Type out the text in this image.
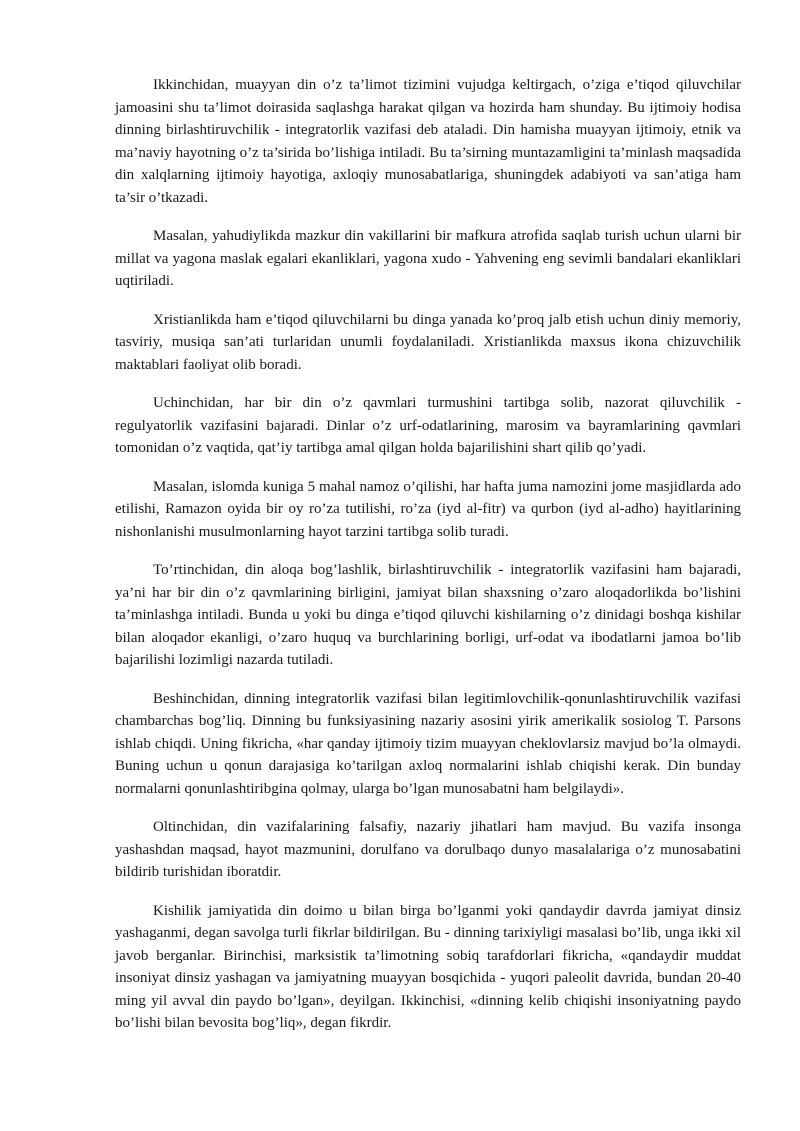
Ikkinchidan, muayyan din o’z ta’limot tizimini vujudga keltirgach, o’ziga e’tiqod qiluvchilar jamoasini shu ta’limot doirasida saqlashga harakat qilgan va hozirda ham shunday. Bu ijtimoiy hodisa dinning birlashtiruvchilik - integratorlik vazifasi deb ataladi. Din hamisha muayyan ijtimoiy, etnik va ma’naviy hayotning o’z ta’sirida bo’lishiga intiladi. Bu ta’sirning muntazamligini ta’minlash maqsadida din xalqlarning ijtimoiy hayotiga, axloqiy munosabatlariga, shuningdek adabiyoti va san’atiga ham ta’sir o’tkazadi.

Masalan, yahudiylikda mazkur din vakillarini bir mafkura atrofida saqlab turish uchun ularni bir millat va yagona maslak egalari ekanliklari, yagona xudo - Yahvening eng sevimli bandalari ekanliklari uqtiriladi.

Xristianlikda ham e’tiqod qiluvchilarni bu dinga yanada ko’proq jalb etish uchun diniy memoriy, tasviriy, musiqa san’ati turlaridan unumli foydalaniladi. Xristianlikda maxsus ikona chizuvchilik maktablari faoliyat olib boradi.

Uchinchidan, har bir din o’z qavmlari turmushini tartibga solib, nazorat qiluvchilik - regulyatorlik vazifasini bajaradi. Dinlar o’z urf-odatlarining, marosim va bayramlarining qavmlari tomonidan o’z vaqtida, qat’iy tartibga amal qilgan holda bajarilishini shart qilib qo’yadi.

Masalan, islomda kuniga 5 mahal namoz o’qilishi, har hafta juma namozini jome masjidlarda ado etilishi, Ramazon oyida bir oy ro’za tutilishi, ro’za (iyd al-fitr) va qurbon (iyd al-adho) hayitlarining nishonlanishi musulmonlarning hayot tarzini tartibga solib turadi.

To’rtinchidan, din aloqa bog’lashlik, birlashtiruvchilik - integratorlik vazifasini ham bajaradi, ya’ni har bir din o’z qavmlarining birligini, jamiyat bilan shaxsning o’zaro aloqadorlikda bo’lishini ta’minlashga intiladi. Bunda u yoki bu dinga e’tiqod qiluvchi kishilarning o’z dinidagi boshqa kishilar bilan aloqador ekanligi, o’zaro huquq va burchlarining borligi, urf-odat va ibodatlarni jamoa bo’lib bajarilishi lozimligi nazarda tutiladi.

Beshinchidan, dinning integratorlik vazifasi bilan legitimlovchilik-qonunlashtiruvchilik vazifasi chambarchas bog’liq. Dinning bu funksiyasining nazariy asosini yirik amerikalik sosiolog T. Parsons ishlab chiqdi. Uning fikricha, «har qanday ijtimoiy tizim muayyan cheklovlarsiz mavjud bo’la olmaydi. Buning uchun u qonun darajasiga ko’tarilgan axloq normalarini ishlab chiqishi kerak. Din bunday normalarni qonunlashtiribgina qolmay, ularga bo’lgan munosabatni ham belgilaydi».

Oltinchidan, din vazifalarining falsafiy, nazariy jihatlari ham mavjud. Bu vazifa insonga yashashdan maqsad, hayot mazmunini, dorulfano va dorulbaqo dunyo masalalariga o’z munosabatini bildirib turishidan iboratdir.

Kishilik jamiyatida din doimo u bilan birga bo’lganmi yoki qandaydir davrda jamiyat dinsiz yashaganmi, degan savolga turli fikrlar bildirilgan. Bu - dinning tarixiyligi masalasi bo’lib, unga ikki xil javob berganlar. Birinchisi, marksistik ta’limotning sobiq tarafdorlari fikricha, «qandaydir muddat insoniyat dinsiz yashagan va jamiyatning muayyan bosqichida - yuqori paleolit davrida, bundan 20-40 ming yil avval din paydo bo’lgan», deyilgan. Ikkinchisi, «dinning kelib chiqishi insoniyatning paydo bo’lishi bilan bevosita bog’liq», degan fikrdir.
